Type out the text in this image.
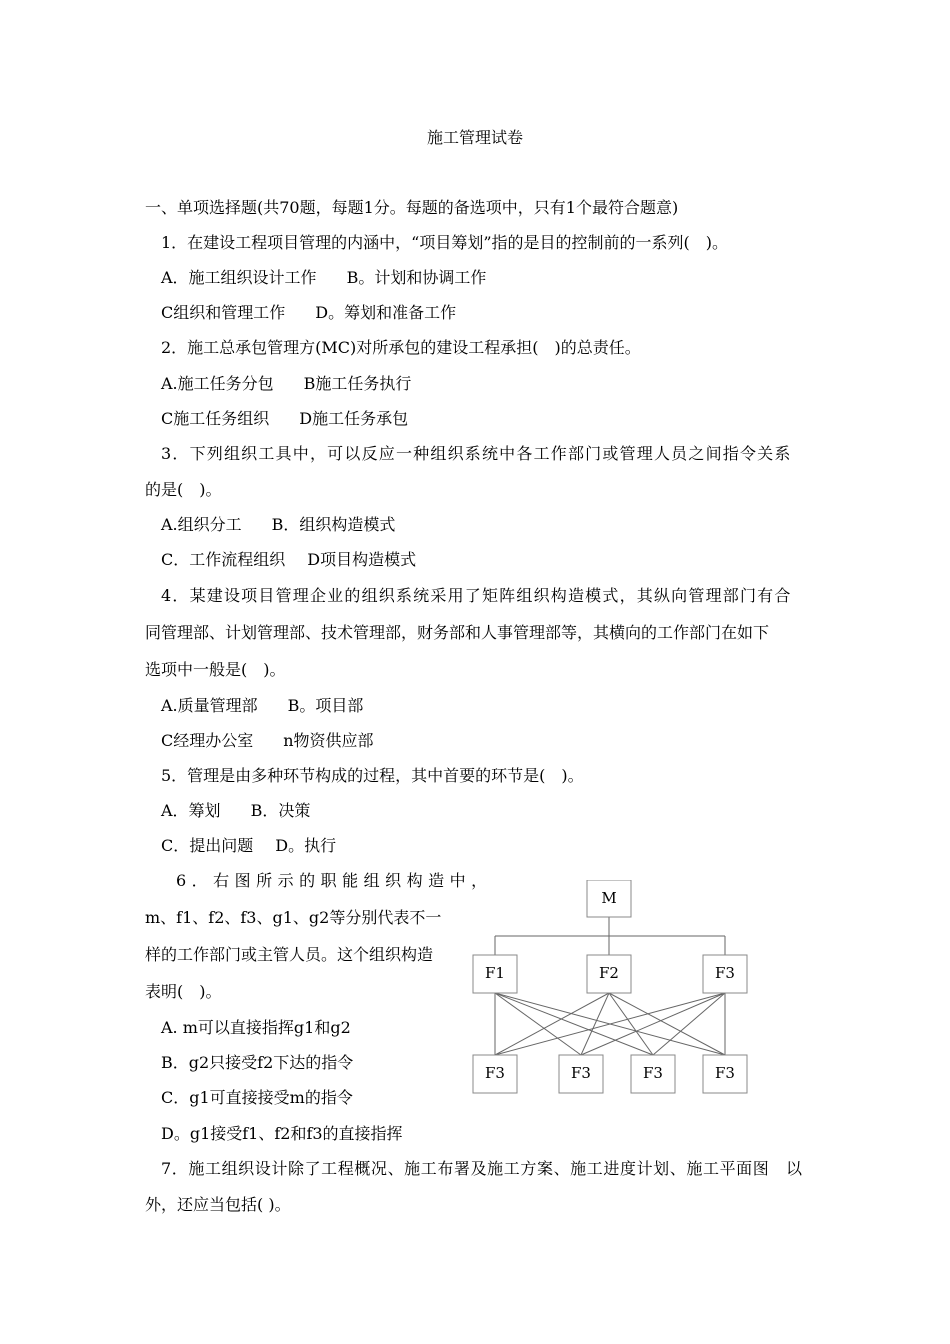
施工管理试卷
一、单项选择题(共70题，每题1分。每题的备选项中，只有1个最符合题意)
1．在建设工程项目管理的内涵中，“项目筹划”指的是目的控制前的一系列(　)。
A．施工组织设计工作 B。计划和协调工作
C组织和管理工作 D。筹划和准备工作
2．施工总承包管理方(MC)对所承包的建设工程承担(　)的总责任。
A.施工任务分包 B施工任务执行
C施工任务组织 D施工任务承包
3．下列组织工具中，可以反应一种组织系统中各工作部门或管理人员之间指令关系
的是(　)。
A.组织分工 B．组织构造模式
C．工作流程组织 D项目构造模式
4．某建设项目管理企业的组织系统采用了矩阵组织构造模式，其纵向管理部门有合
同管理部、计划管理部、技术管理部，财务部和人事管理部等，其横向的工作部门在如下
选项中一般是(　)。
A.质量管理部 B。项目部
C经理办公室 n物资供应部
5．管理是由多种环节构成的过程，其中首要的环节是(　)。
A．筹划 B．决策
C．提出问题 D。执行
6．右图所示的职能组织构造中，
m、f1、f2、f3、g1、g2等分别代表不一
样的工作部门或主管人员。这个组织构造
表明(　)。
A. m可以直接指挥g1和g2
B．g2只接受f2下达的指令
C．g1可直接接受m的指令
D。g1接受f1、f2和f3的直接指挥
M
F1	F2	F3
F3	F3	F3	F3
7．施工组织设计除了工程概况、施工布署及施工方案、施工进度计划、施工平面图　以
外，还应当包括( )。
